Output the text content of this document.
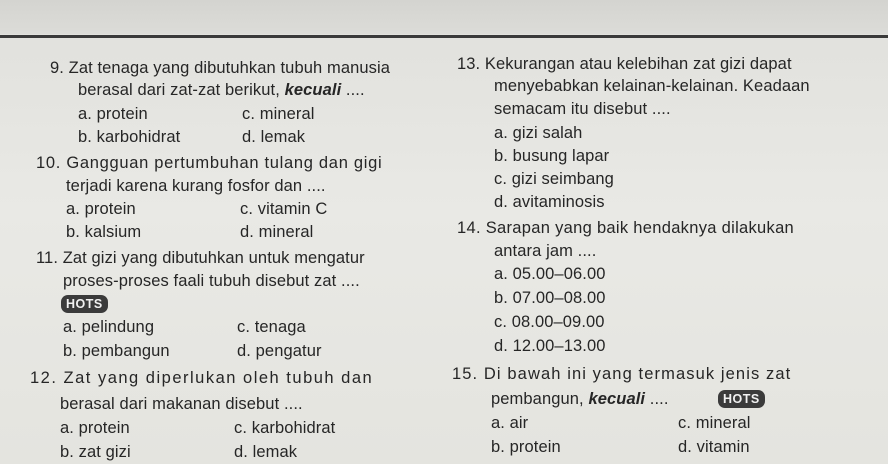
9. Zat tenaga yang dibutuhkan tubuh manusia
berasal dari zat-zat berikut, kecuali ....
a. protein	c. mineral
b. karbohidrat	d. lemak
10. Gangguan pertumbuhan tulang dan gigi
terjadi karena kurang fosfor dan ....
a. protein	c. vitamin C
b. kalsium	d. mineral
11. Zat gizi yang dibutuhkan untuk mengatur
proses-proses faali tubuh disebut zat ....
HOTS
a. pelindung	c. tenaga
b. pembangun	d. pengatur
12. Zat yang diperlukan oleh tubuh dan
berasal dari makanan disebut ....
a. protein	c. karbohidrat
b. zat gizi	d. lemak
13. Kekurangan atau kelebihan zat gizi dapat
menyebabkan kelainan-kelainan. Keadaan
semacam itu disebut ....
a. gizi salah
b. busung lapar
c. gizi seimbang
d. avitaminosis
14. Sarapan yang baik hendaknya dilakukan
antara jam ....
a. 05.00–06.00
b. 07.00–08.00
c. 08.00–09.00
d. 12.00–13.00
15. Di bawah ini yang termasuk jenis zat
pembangun, kecuali ....	HOTS
a. air	c. mineral
b. protein	d. vitamin
